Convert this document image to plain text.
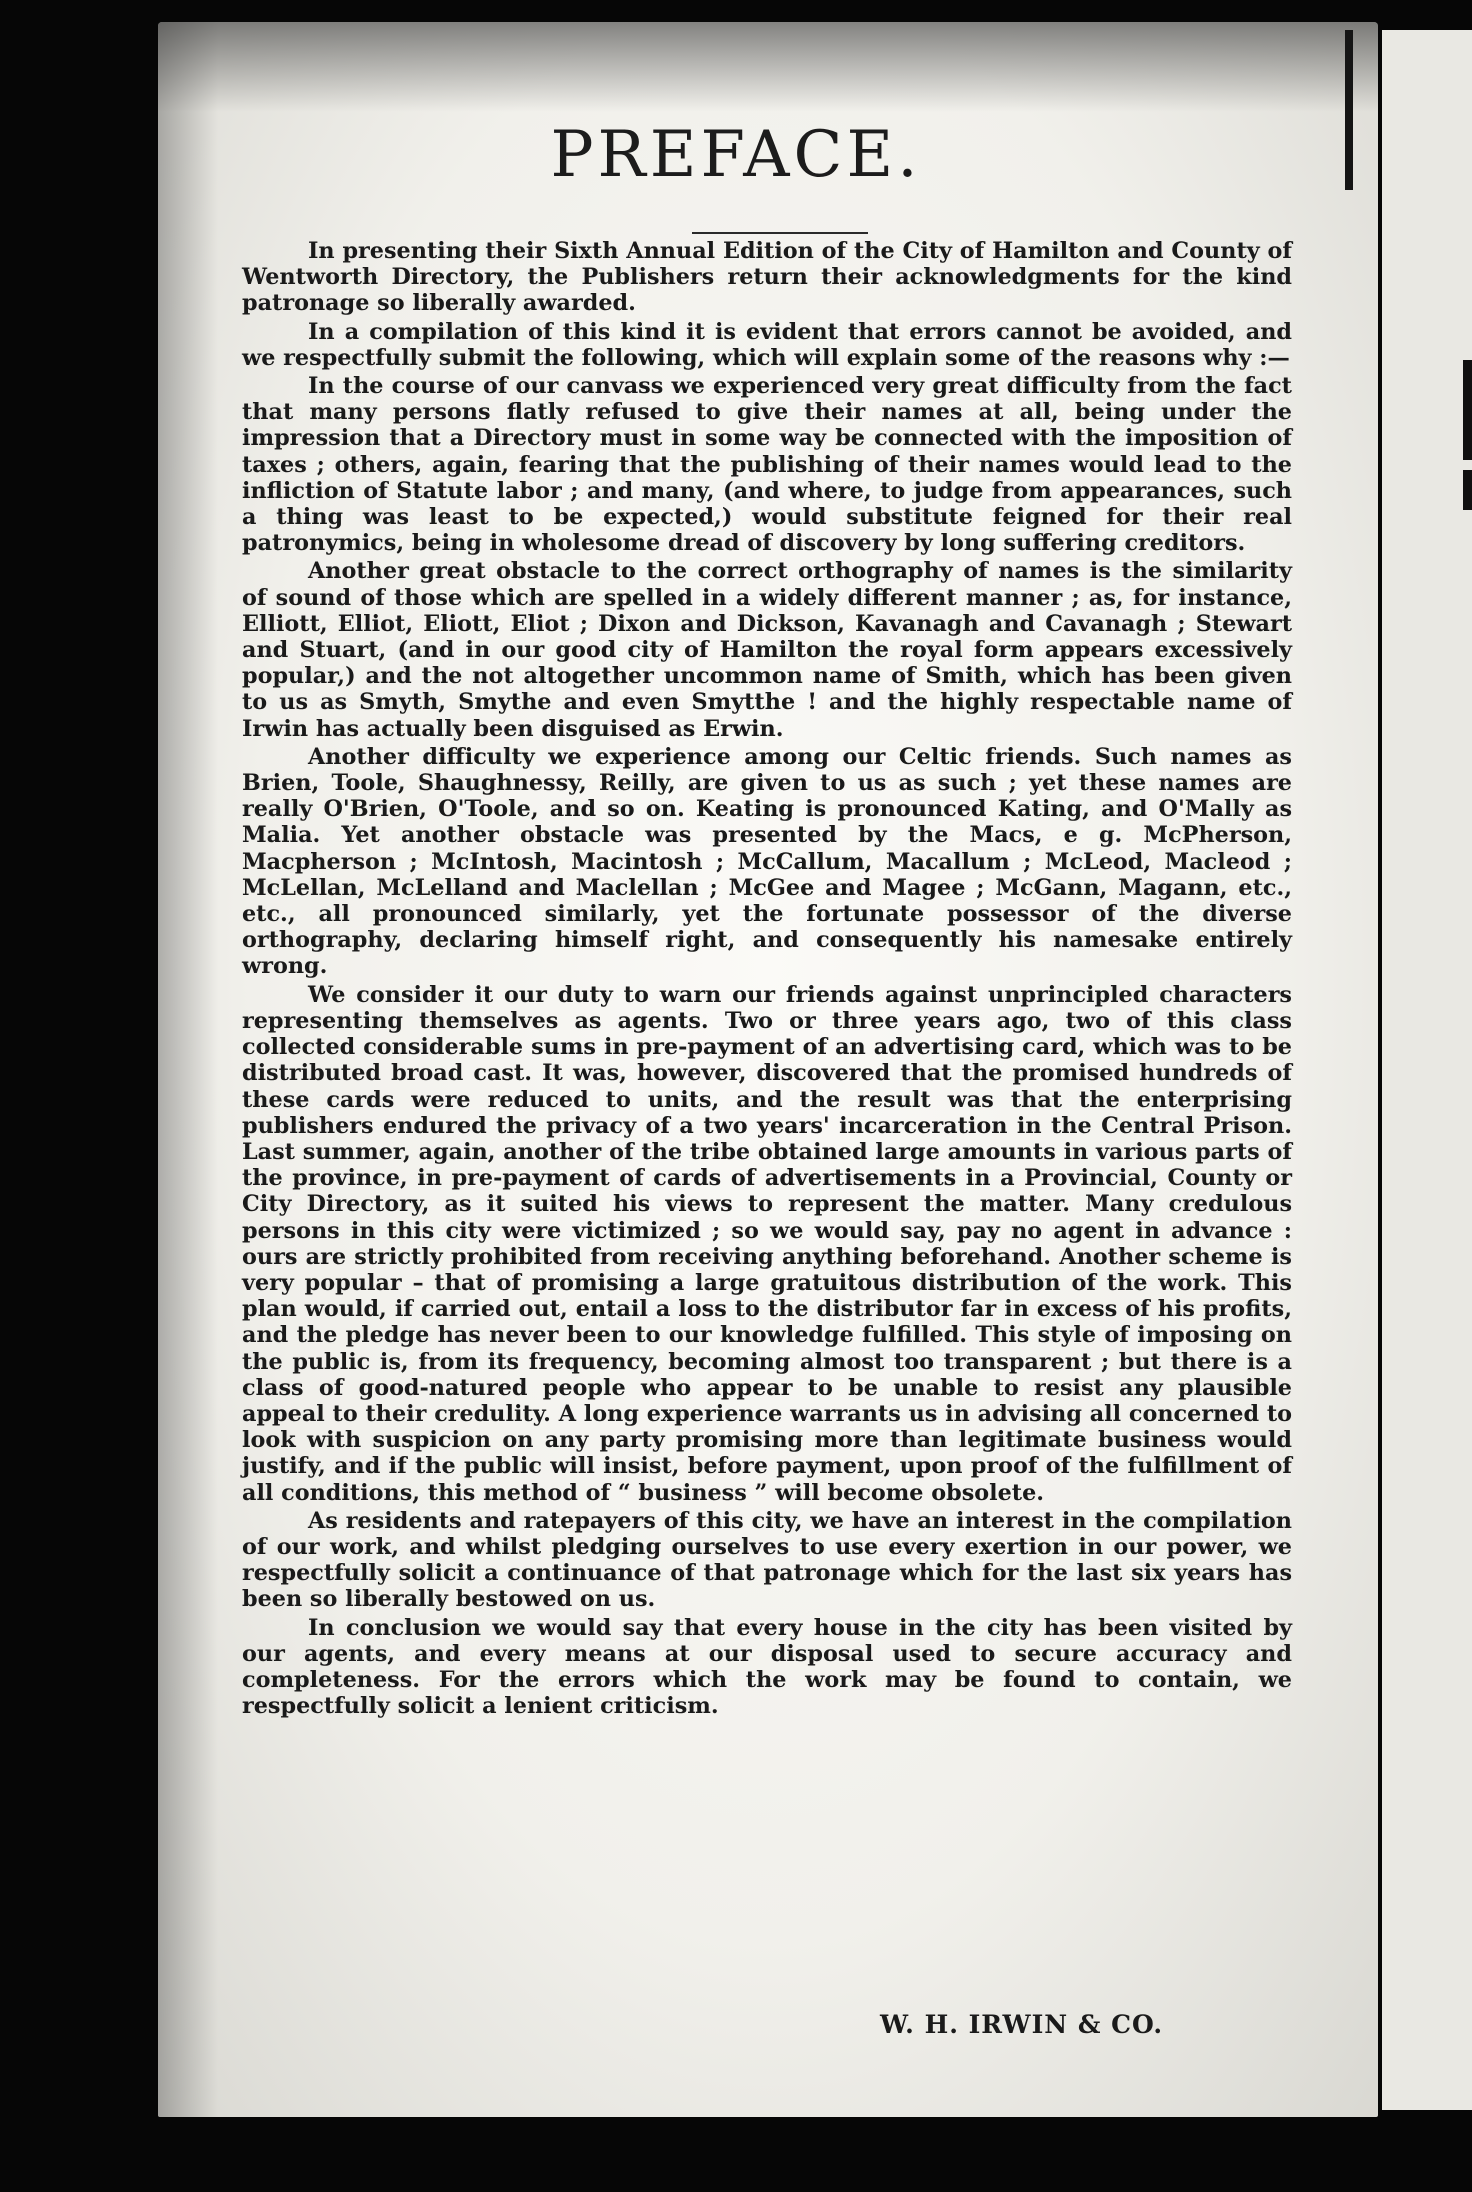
PREFACE.

In presenting their Sixth Annual Edition of the City of Hamilton and County of Wentworth Directory, the Publishers return their acknowledgments for the kind patronage so liberally awarded.

In a compilation of this kind it is evident that errors cannot be avoided, and we respectfully submit the following, which will explain some of the reasons why :—

In the course of our canvass we experienced very great difficulty from the fact that many persons flatly refused to give their names at all, being under the impression that a Directory must in some way be connected with the imposition of taxes ; others, again, fearing that the publishing of their names would lead to the infliction of Statute labor ; and many, (and where, to judge from appearances, such a thing was least to be expected,) would substitute feigned for their real patronymics, being in wholesome dread of discovery by long suffering creditors.

Another great obstacle to the correct orthography of names is the similarity of sound of those which are spelled in a widely different manner ; as, for instance, Elliott, Elliot, Eliott, Eliot ; Dixon and Dickson, Kavanagh and Cavanagh ; Stewart and Stuart, (and in our good city of Hamilton the royal form appears excessively popular,) and the not altogether uncommon name of Smith, which has been given to us as Smyth, Smythe and even Smytthe ! and the highly respectable name of Irwin has actually been disguised as Erwin.

Another difficulty we experience among our Celtic friends. Such names as Brien, Toole, Shaughnessy, Reilly, are given to us as such ; yet these names are really O'Brien, O'Toole, and so on. Keating is pronounced Kating, and O'Mally as Malia. Yet another obstacle was presented by the Macs, e g. McPherson, Macpherson ; McIntosh, Macintosh ; McCallum, Macallum ; McLeod, Macleod ; McLellan, McLelland and Maclellan ; McGee and Magee ; McGann, Magann, etc., etc., all pronounced similarly, yet the fortunate possessor of the diverse orthography, declaring himself right, and consequently his namesake entirely wrong.

We consider it our duty to warn our friends against unprincipled characters representing themselves as agents. Two or three years ago, two of this class collected considerable sums in pre-payment of an advertising card, which was to be distributed broad cast. It was, however, discovered that the promised hundreds of these cards were reduced to units, and the result was that the enterprising publishers endured the privacy of a two years' incarceration in the Central Prison. Last summer, again, another of the tribe obtained large amounts in various parts of the province, in pre-payment of cards of advertisements in a Provincial, County or City Directory, as it suited his views to represent the matter. Many credulous persons in this city were victimized ; so we would say, pay no agent in advance : ours are strictly prohibited from receiving anything beforehand. Another scheme is very popular – that of promising a large gratuitous distribution of the work. This plan would, if carried out, entail a loss to the distributor far in excess of his profits, and the pledge has never been to our knowledge fulfilled. This style of imposing on the public is, from its frequency, becoming almost too transparent ; but there is a class of good-natured people who appear to be unable to resist any plausible appeal to their credulity. A long experience warrants us in advising all concerned to look with suspicion on any party promising more than legitimate business would justify, and if the public will insist, before payment, upon proof of the fulfillment of all conditions, this method of “ business ” will become obsolete.

As residents and ratepayers of this city, we have an interest in the compilation of our work, and whilst pledging ourselves to use every exertion in our power, we respectfully solicit a continuance of that patronage which for the last six years has been so liberally bestowed on us.

In conclusion we would say that every house in the city has been visited by our agents, and every means at our disposal used to secure accuracy and completeness. For the errors which the work may be found to contain, we respectfully solicit a lenient criticism.

W. H. IRWIN & CO.
